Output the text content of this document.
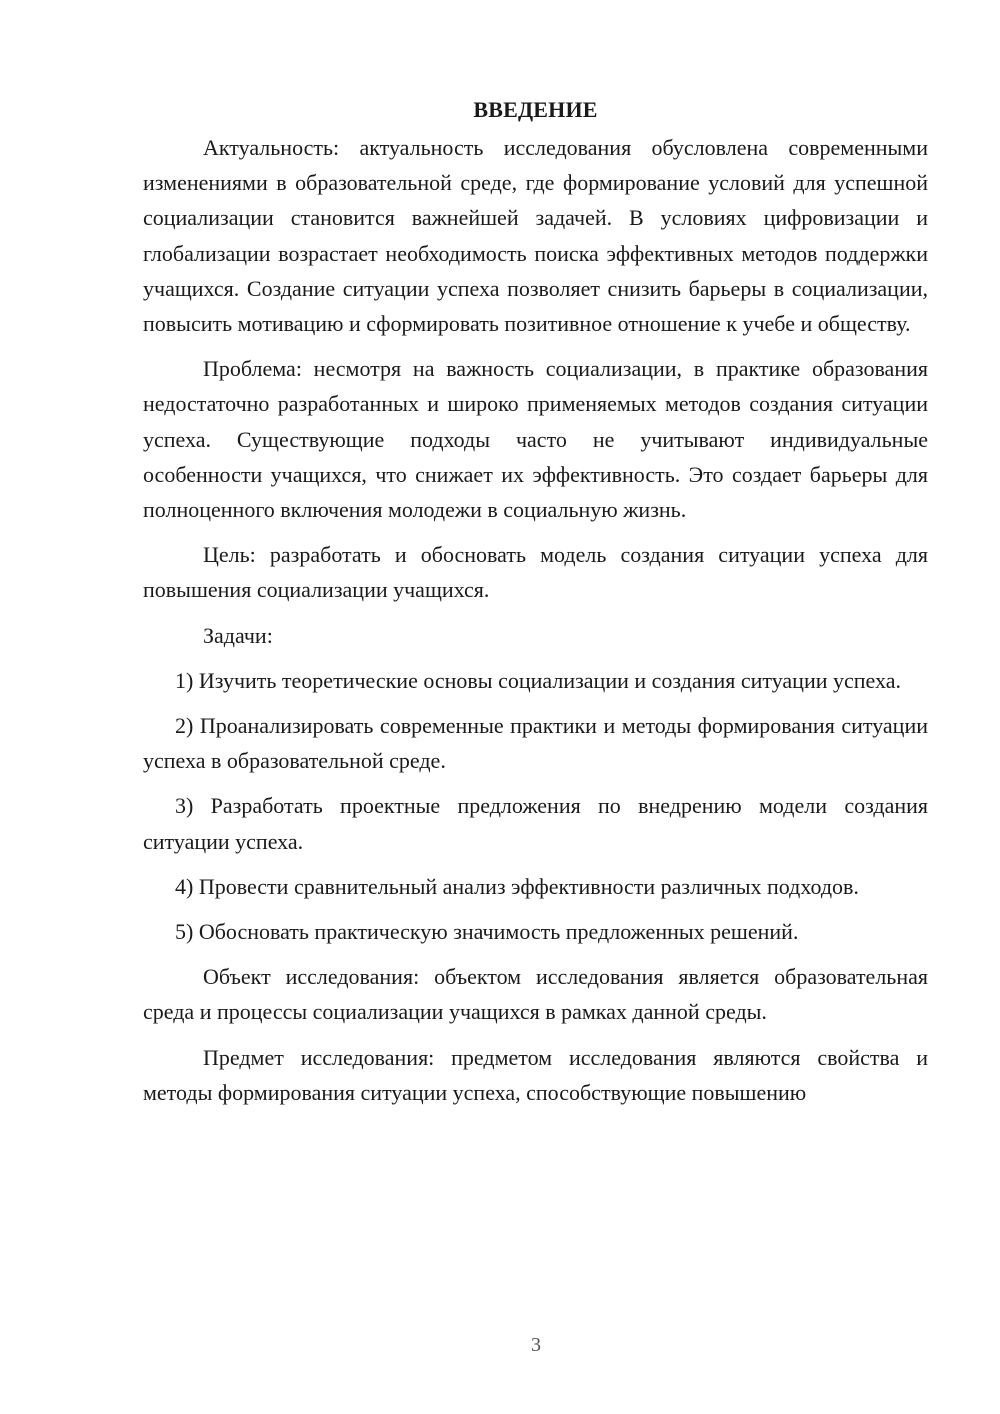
ВВЕДЕНИЕ

Актуальность: актуальность исследования обусловлена современными изменениями в образовательной среде, где формирование условий для успешной социализации становится важнейшей задачей. В условиях цифровизации и глобализации возрастает необходимость поиска эффективных методов поддержки учащихся. Создание ситуации успеха позволяет снизить барьеры в социализации, повысить мотивацию и сформировать позитивное отношение к учебе и обществу.

Проблема: несмотря на важность социализации, в практике образования недостаточно разработанных и широко применяемых методов создания ситуации успеха. Существующие подходы часто не учитывают индивидуальные особенности учащихся, что снижает их эффективность. Это создает барьеры для полноценного включения молодежи в социальную жизнь.

Цель: разработать и обосновать модель создания ситуации успеха для повышения социализации учащихся.

Задачи:

1) Изучить теоретические основы социализации и создания ситуации успеха.

2) Проанализировать современные практики и методы формирования ситуации успеха в образовательной среде.

3) Разработать проектные предложения по внедрению модели создания ситуации успеха.

4) Провести сравнительный анализ эффективности различных подходов.

5) Обосновать практическую значимость предложенных решений.

Объект исследования: объектом исследования является образовательная среда и процессы социализации учащихся в рамках данной среды.

Предмет исследования: предметом исследования являются свойства и методы формирования ситуации успеха, способствующие повышению

3
